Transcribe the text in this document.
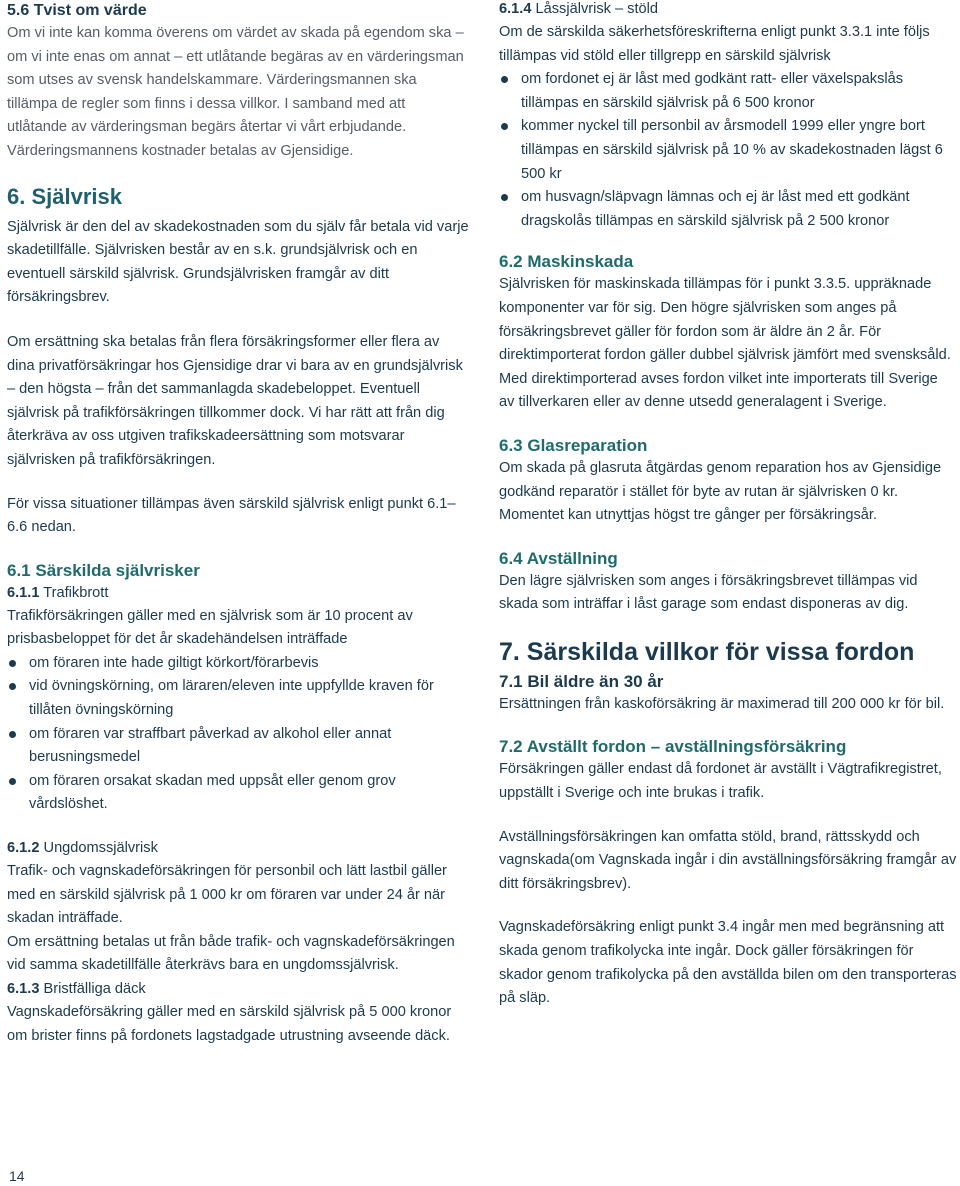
5.6 Tvist om värde

Om vi inte kan komma överens om värdet av skada på egendom ska – om vi inte enas om annat – ett utlåtande begäras av en värderingsman som utses av svensk handelskammare. Värderingsmannen ska tillämpa de regler som finns i dessa villkor. I samband med att utlåtande av värderingsman begärs återtar vi vårt erbjudande. Värderingsmannens kostnader betalas av Gjensidige.

6. Självrisk

Självrisk är den del av skadekostnaden som du själv får betala vid varje skadetillfälle. Självrisken består av en s.k. grundsjälvrisk och en eventuell särskild självrisk. Grundsjälvrisken framgår av ditt försäkringsbrev.

Om ersättning ska betalas från flera försäkringsformer eller flera av dina privatförsäkringar hos Gjensidige drar vi bara av en grundsjälvrisk – den högsta – från det sammanlagda skadebeloppet. Eventuell självrisk på trafikförsäkringen tillkommer dock. Vi har rätt att från dig återkräva av oss utgiven trafikskadeersättning som motsvarar självrisken på trafikförsäkringen.

För vissa situationer tillämpas även särskild självrisk enligt punkt 6.1–6.6 nedan.

6.1 Särskilda självrisker

6.1.1 Trafikbrott

Trafikförsäkringen gäller med en självrisk som är 10 procent av prisbasbeloppet för det år skadehändelsen inträffade

om föraren inte hade giltigt körkort/förarbevis
vid övningskörning, om läraren/eleven inte uppfyllde kraven för tillåten övningskörning
om föraren var straffbart påverkad av alkohol eller annat berusningsmedel
om föraren orsakat skadan med uppsåt eller genom grov vårdslöshet.

6.1.2 Ungdomssjälvrisk

Trafik- och vagnskadeförsäkringen för personbil och lätt lastbil gäller med en särskild självrisk på 1 000 kr om föraren var under 24 år när skadan inträffade.

Om ersättning betalas ut från både trafik- och vagnskadeförsäkringen vid samma skadetillfälle återkrävs bara en ungdomssjälvrisk.

6.1.3 Bristfälliga däck

Vagnskadeförsäkring gäller med en särskild självrisk på 5 000 kronor om brister finns på fordonets lagstadgade utrustning avseende däck.

6.1.4 Låssjälvrisk – stöld

Om de särskilda säkerhetsföreskrifterna enligt punkt 3.3.1 inte följs tillämpas vid stöld eller tillgrepp en särskild självrisk

om fordonet ej är låst med godkänt ratt- eller växelspakslås tillämpas en särskild självrisk på 6 500 kronor
kommer nyckel till personbil av årsmodell 1999 eller yngre bort tillämpas en särskild självrisk på 10 % av skadekostnaden lägst 6 500 kr
om husvagn/släpvagn lämnas och ej är låst med ett godkänt dragskolås tillämpas en särskild självrisk på 2 500 kronor
6.2 Maskinskada

Självrisken för maskinskada tillämpas för i punkt 3.3.5. uppräknade komponenter var för sig. Den högre självrisken som anges på försäkringsbrevet gäller för fordon som är äldre än 2 år. För direktimporterat fordon gäller dubbel självrisk jämfört med svensksåld. Med direktimporterad avses fordon vilket inte importerats till Sverige av tillverkaren eller av denne utsedd generalagent i Sverige.

6.3 Glasreparation

Om skada på glasruta åtgärdas genom reparation hos av Gjensidige godkänd reparatör i stället för byte av rutan är självrisken 0 kr. Momentet kan utnyttjas högst tre gånger per försäkringsår.

6.4 Avställning

Den lägre självrisken som anges i försäkringsbrevet tillämpas vid skada som inträffar i låst garage som endast disponeras av dig.

7. Särskilda villkor för vissa fordon
7.1 Bil äldre än 30 år

Ersättningen från kaskoförsäkring är maximerad till 200 000 kr för bil.

7.2 Avställt fordon – avställningsförsäkring

Försäkringen gäller endast då fordonet är avställt i Vägtrafikregistret, uppställt i Sverige och inte brukas i trafik.

Avställningsförsäkringen kan omfatta stöld, brand, rättsskydd och vagnskada(om Vagnskada ingår i din avställningsförsäkring framgår av ditt försäkringsbrev).

Vagnskadeförsäkring enligt punkt 3.4 ingår men med begränsning att skada genom trafikolycka inte ingår. Dock gäller försäkringen för skador genom trafikolycka på den avställda bilen om den transporteras på släp.

14
